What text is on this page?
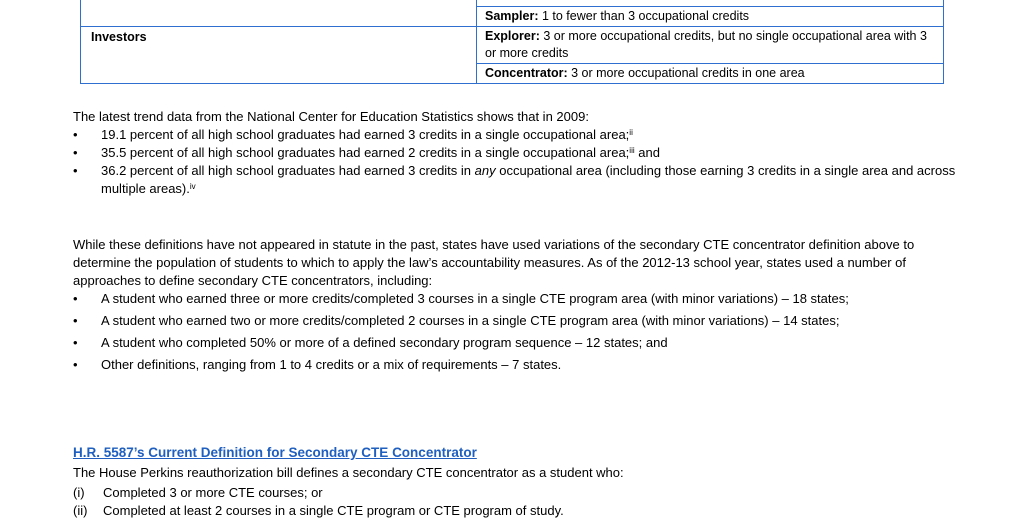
Sampler: 1 to fewer than 3 occupational credits
Investors	Explorer: 3 or more occupational credits, but no single occupational area with 3 or more credits
Concentrator: 3 or more occupational credits in one area
The latest trend data from the National Center for Education Statistics shows that in 2009:
• 19.1 percent of all high school graduates had earned 3 credits in a single occupational area;$^{ii}$
• 35.5 percent of all high school graduates had earned 2 credits in a single occupational area;$^{iii}$ and
• 36.2 percent of all high school graduates had earned 3 credits in any occupational area (including those earning 3 credits in a single area and across multiple areas).$^{iv}$
While these definitions have not appeared in statute in the past, states have used variations of the secondary CTE concentrator definition above to determine the population of students to which to apply the law’s accountability measures. As of the 2012-13 school year, states used a number of approaches to define secondary CTE concentrators, including:
• A student who earned three or more credits/completed 3 courses in a single CTE program area (with minor variations) – 18 states;
• A student who earned two or more credits/completed 2 courses in a single CTE program area (with minor variations) – 14 states;
• A student who completed 50% or more of a defined secondary program sequence – 12 states; and
• Other definitions, ranging from 1 to 4 credits or a mix of requirements – 7 states.
H.R. 5587’s Current Definition for Secondary CTE Concentrator
The House Perkins reauthorization bill defines a secondary CTE concentrator as a student who:
(i) Completed 3 or more CTE courses; or
(ii) Completed at least 2 courses in a single CTE program or CTE program of study.
